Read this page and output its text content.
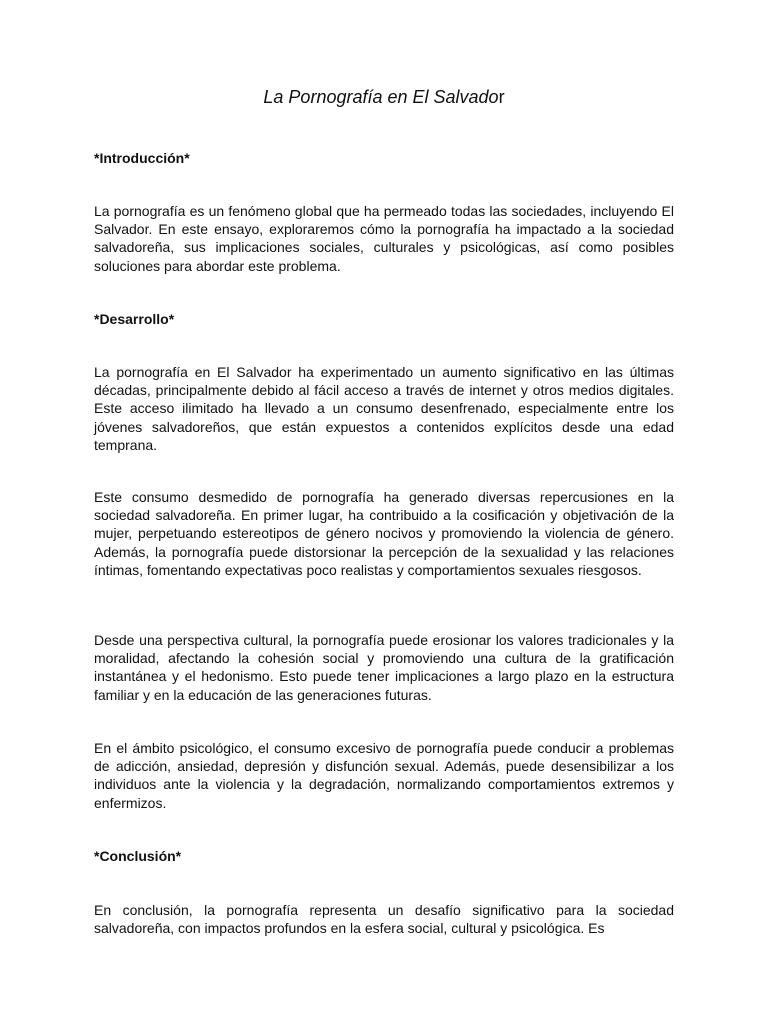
La Pornografía en El Salvador
*Introducción*

La pornografía es un fenómeno global que ha permeado todas las sociedades, incluyendo El Salvador. En este ensayo, exploraremos cómo la pornografía ha impactado a la sociedad salvadoreña, sus implicaciones sociales, culturales y psicológicas, así como posibles soluciones para abordar este problema.

*Desarrollo*

La pornografía en El Salvador ha experimentado un aumento significativo en las últimas décadas, principalmente debido al fácil acceso a través de internet y otros medios digitales. Este acceso ilimitado ha llevado a un consumo desenfrenado, especialmente entre los jóvenes salvadoreños, que están expuestos a contenidos explícitos desde una edad temprana.

Este consumo desmedido de pornografía ha generado diversas repercusiones en la sociedad salvadoreña. En primer lugar, ha contribuido a la cosificación y objetivación de la mujer, perpetuando estereotipos de género nocivos y promoviendo la violencia de género. Además, la pornografía puede distorsionar la percepción de la sexualidad y las relaciones íntimas, fomentando expectativas poco realistas y comportamientos sexuales riesgosos.

Desde una perspectiva cultural, la pornografía puede erosionar los valores tradicionales y la moralidad, afectando la cohesión social y promoviendo una cultura de la gratificación instantánea y el hedonismo. Esto puede tener implicaciones a largo plazo en la estructura familiar y en la educación de las generaciones futuras.

En el ámbito psicológico, el consumo excesivo de pornografía puede conducir a problemas de adicción, ansiedad, depresión y disfunción sexual. Además, puede desensibilizar a los individuos ante la violencia y la degradación, normalizando comportamientos extremos y enfermizos.

*Conclusión*

En conclusión, la pornografía representa un desafío significativo para la sociedad salvadoreña, con impactos profundos en la esfera social, cultural y psicológica. Es
